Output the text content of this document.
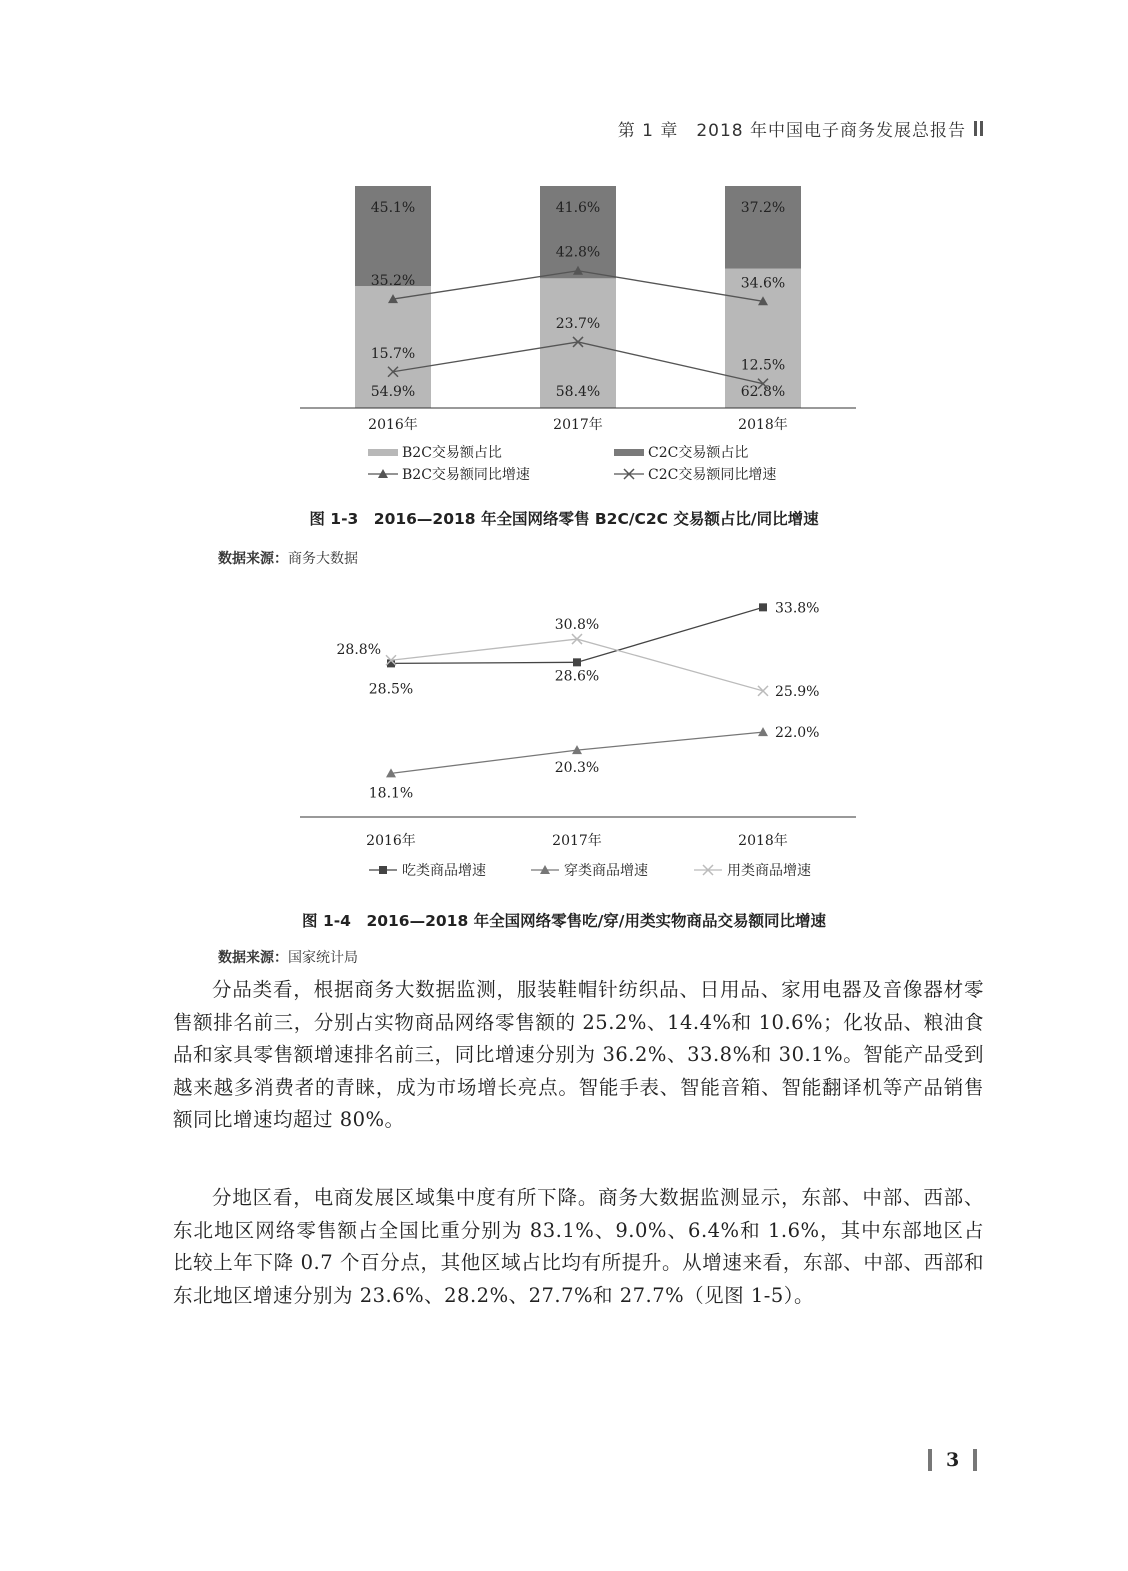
第 1 章　2018 年中国电子商务发展总报告
54.9%
45.1%
2016年
58.4%
41.6%
2017年
62.8%
37.2%
2018年
35.2%
42.8%
34.6%
15.7%
23.7%
12.5%
B2C交易额占比	C2C交易额占比
B2C交易额同比增速	C2C交易额同比增速
图 1-3　2016—2018 年全国网络零售 B2C/C2C 交易额占比/同比增速
数据来源：商务大数据
2016年	2017年	2018年
28.5%
28.6%
33.8%
18.1%
20.3%
22.0%
28.8%
30.8%
25.9%
吃类商品增速	穿类商品增速	用类商品增速
图 1-4　2016—2018 年全国网络零售吃/穿/用类实物商品交易额同比增速
数据来源：国家统计局

分品类看，根据商务大数据监测，服装鞋帽针纺织品、日用品、家用电器及音像器材零售额排名前三，分别占实物商品网络零售额的 25.2%、14.4%和 10.6%；化妆品、粮油食品和家具零售额增速排名前三，同比增速分别为 36.2%、33.8%和 30.1%。智能产品受到越来越多消费者的青睐，成为市场增长亮点。智能手表、智能音箱、智能翻译机等产品销售额同比增速均超过 80%。

分地区看，电商发展区域集中度有所下降。商务大数据监测显示，东部、中部、西部、东北地区网络零售额占全国比重分别为 83.1%、9.0%、6.4%和 1.6%，其中东部地区占比较上年下降 0.7 个百分点，其他区域占比均有所提升。从增速来看，东部、中部、西部和东北地区增速分别为 23.6%、28.2%、27.7%和 27.7%（见图 1-5）。

3
